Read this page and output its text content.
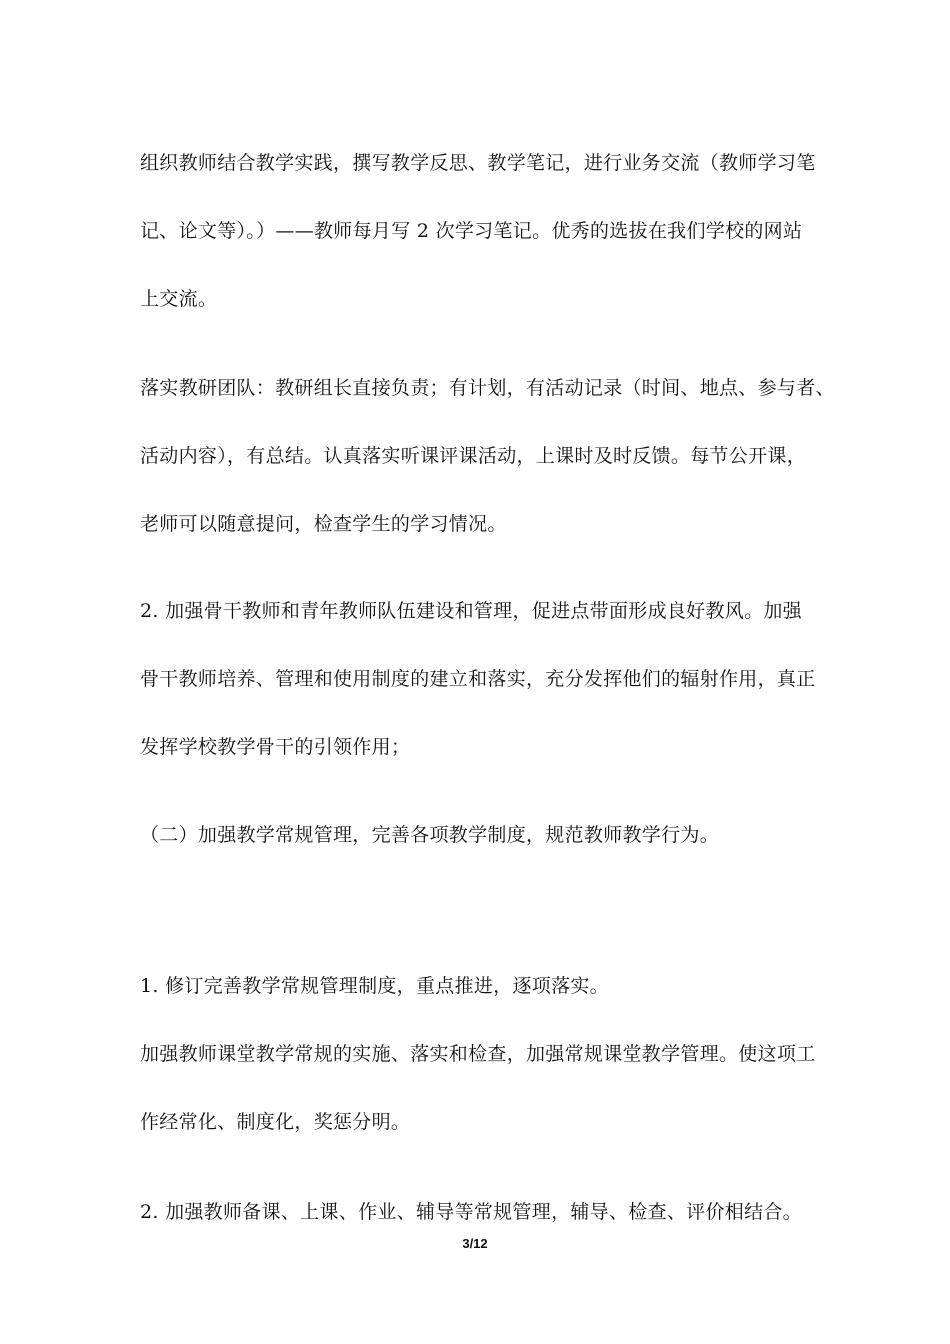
组织教师结合教学实践，撰写教学反思、教学笔记，进行业务交流（教师学习笔

记、论文等）。）——教师每月写 2 次学习笔记。优秀的选拔在我们学校的网站

上交流。

落实教研团队：教研组长直接负责；有计划，有活动记录（时间、地点、参与者、

活动内容），有总结。认真落实听课评课活动，上课时及时反馈。每节公开课，

老师可以随意提问，检查学生的学习情况。

2. 加强骨干教师和青年教师队伍建设和管理，促进点带面形成良好教风。加强

骨干教师培养、管理和使用制度的建立和落实，充分发挥他们的辐射作用，真正

发挥学校教学骨干的引领作用；

（二）加强教学常规管理，完善各项教学制度，规范教师教学行为。

1. 修订完善教学常规管理制度，重点推进，逐项落实。

加强教师课堂教学常规的实施、落实和检查，加强常规课堂教学管理。使这项工

作经常化、制度化，奖惩分明。

2. 加强教师备课、上课、作业、辅导等常规管理，辅导、检查、评价相结合。

3/12
